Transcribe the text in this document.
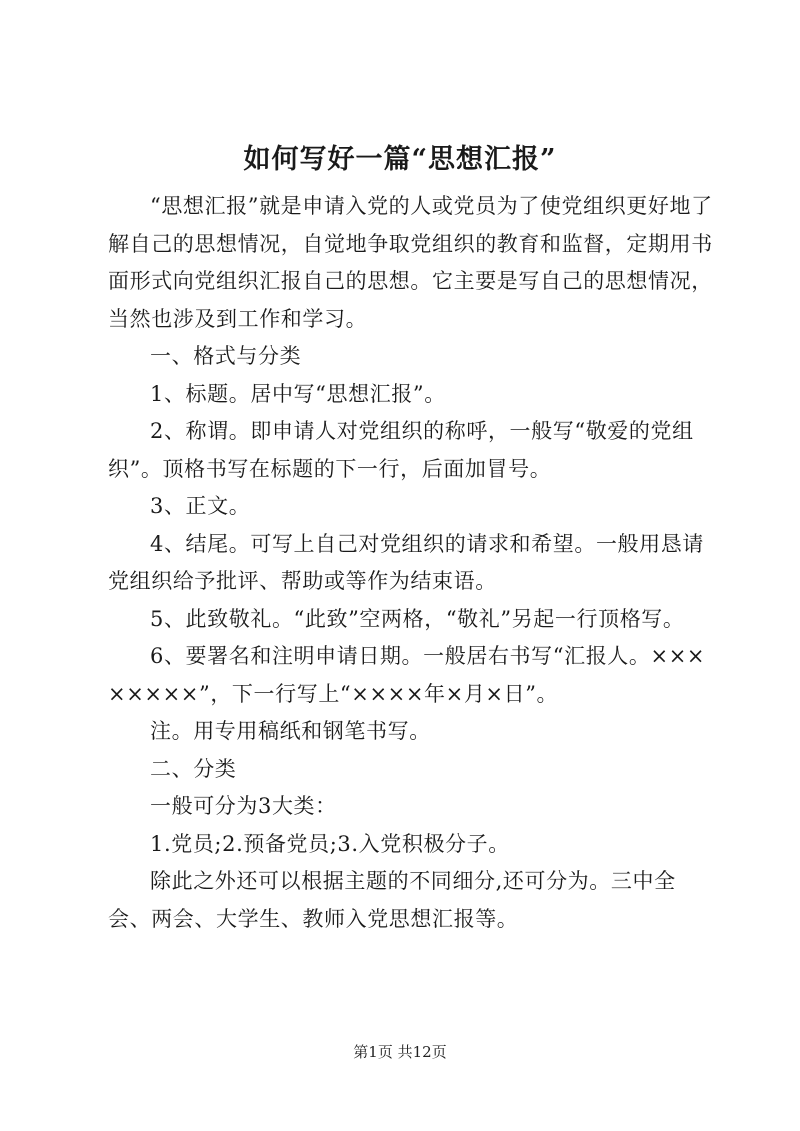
如何写好一篇“思想汇报”

“思想汇报”就是申请入党的人或党员为了使党组织更好地了解自己的思想情况，自觉地争取党组织的教育和监督，定期用书面形式向党组织汇报自己的思想。它主要是写自己的思想情况，当然也涉及到工作和学习。

一、格式与分类

1、标题。居中写“思想汇报”。

2、称谓。即申请人对党组织的称呼，一般写“敬爱的党组织”。顶格书写在标题的下一行，后面加冒号。

3、正文。

4、结尾。可写上自己对党组织的请求和希望。一般用恳请党组织给予批评、帮助或等作为结束语。

5、此致敬礼。“此致”空两格，“敬礼”另起一行顶格写。

6、要署名和注明申请日期。一般居右书写“汇报人。××××××××”，下一行写上“××××年×月×日”。

注。用专用稿纸和钢笔书写。

二、分类

一般可分为3大类：

1.党员;2.预备党员;3.入党积极分子。

除此之外还可以根据主题的不同细分,还可分为。三中全会、两会、大学生、教师入党思想汇报等。

第1页 共12页
